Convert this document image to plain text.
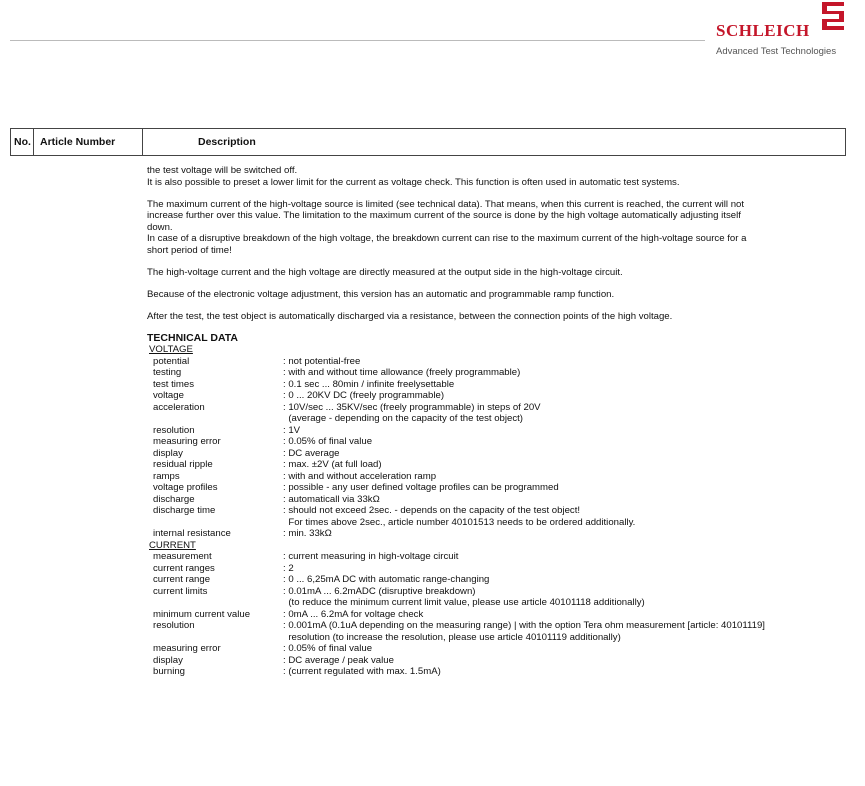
SCHLEICH
Advanced Test Technologies
No. Article Number	Description

the test voltage will be switched off.
It is also possible to preset a lower limit for the current as voltage check. This function is often used in automatic test systems.

The maximum current of the high-voltage source is limited (see technical data). That means, when this current is reached, the current will not
increase further over this value. The limitation to the maximum current of the source is done by the high voltage automatically adjusting itself
down.
In case of a disruptive breakdown of the high voltage, the breakdown current can rise to the maximum current of the high-voltage source for a
short period of time!

The high-voltage current and the high voltage are directly measured at the output side in the high-voltage circuit.

Because of the electronic voltage adjustment, this version has an automatic and programmable ramp function.

After the test, the test object is automatically discharged via a resistance, between the connection points of the high voltage.

TECHNICAL DATA
VOLTAGE
potential	: not potential-free
testing	: with and without time allowance (freely programmable)
test times	: 0.1 sec ... 80min / infinite freelysettable
voltage	: 0 ... 20KV DC (freely programmable)
acceleration	: 10V/sec ... 35KV/sec (freely programmable) in steps of 20V
(average - depending on the capacity of the test object)
resolution	: 1V
measuring error	: 0.05% of final value
display	: DC average
residual ripple	: max. ±2V (at full load)
ramps	: with and without acceleration ramp
voltage profiles	: possible - any user defined voltage profiles can be programmed
discharge	: automaticall via 33kΩ
discharge time	: should not exceed 2sec. - depends on the capacity of the test object!
For times above 2sec., article number 40101513 needs to be ordered additionally.
internal resistance	: min. 33kΩ
CURRENT
measurement	: current measuring in high-voltage circuit
current ranges	: 2
current range	: 0 ... 6,25mA DC with automatic range-changing
current limits	: 0.01mA ... 6.2mADC (disruptive breakdown)
(to reduce the minimum current limit value, please use article 40101118 additionally)
minimum current value	: 0mA ... 6.2mA for voltage check
resolution	: 0.001mA (0.1uA depending on the measuring range) | with the option Tera ohm measurement [article: 40101119]
resolution (to increase the resolution, please use article 40101119 additionally)
measuring error	: 0.05% of final value
display	: DC average / peak value
burning	: (current regulated with max. 1.5mA)
